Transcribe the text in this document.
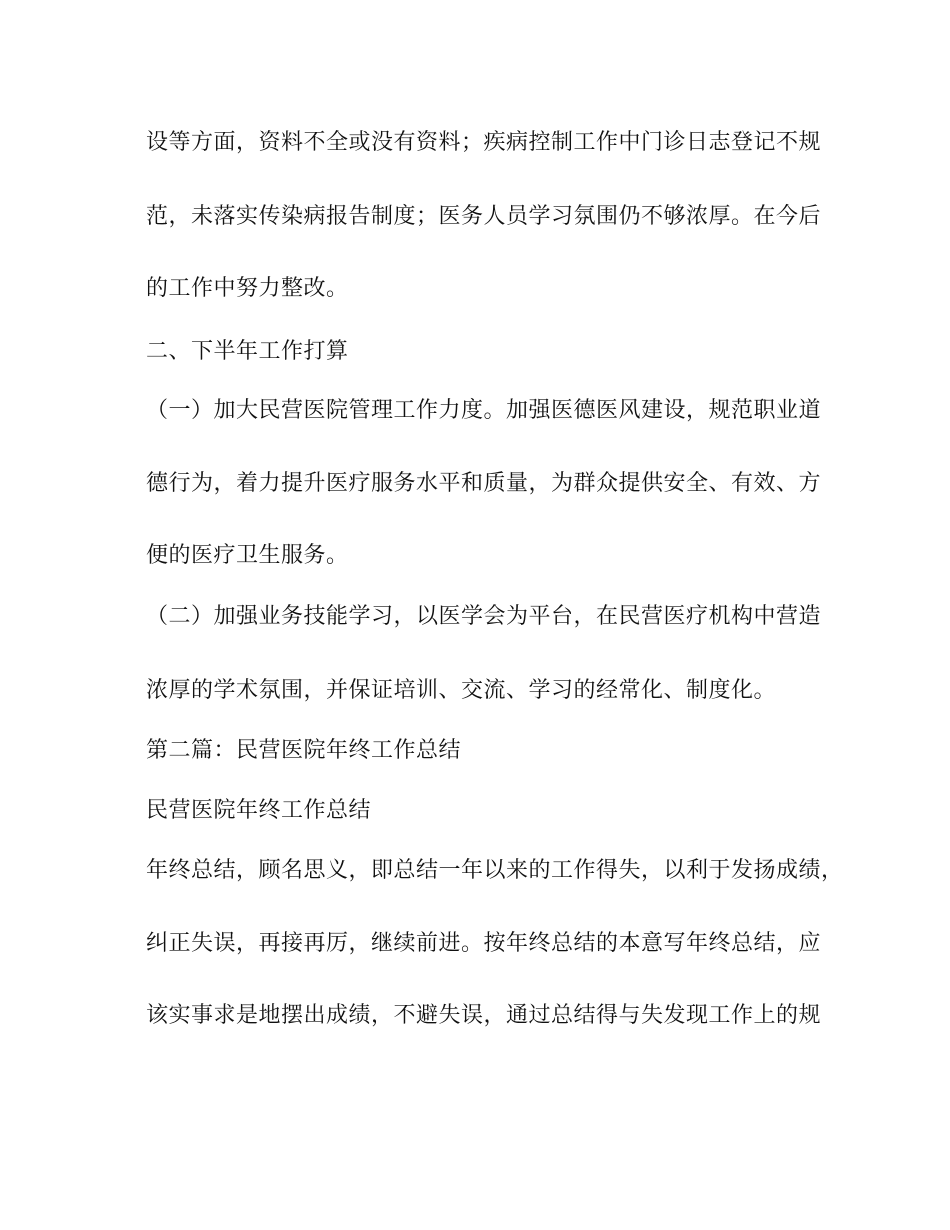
设等方面，资料不全或没有资料；疾病控制工作中门诊日志登记不规
范，未落实传染病报告制度；医务人员学习氛围仍不够浓厚。在今后
的工作中努力整改。
二、下半年工作打算
（一）加大民营医院管理工作力度。加强医德医风建设，规范职业道
德行为，着力提升医疗服务水平和质量，为群众提供安全、有效、方
便的医疗卫生服务。
（二）加强业务技能学习，以医学会为平台，在民营医疗机构中营造
浓厚的学术氛围，并保证培训、交流、学习的经常化、制度化。
第二篇：民营医院年终工作总结
民营医院年终工作总结
年终总结，顾名思义，即总结一年以来的工作得失，以利于发扬成绩，
纠正失误，再接再厉，继续前进。按年终总结的本意写年终总结，应
该实事求是地摆出成绩，不避失误，通过总结得与失发现工作上的规
